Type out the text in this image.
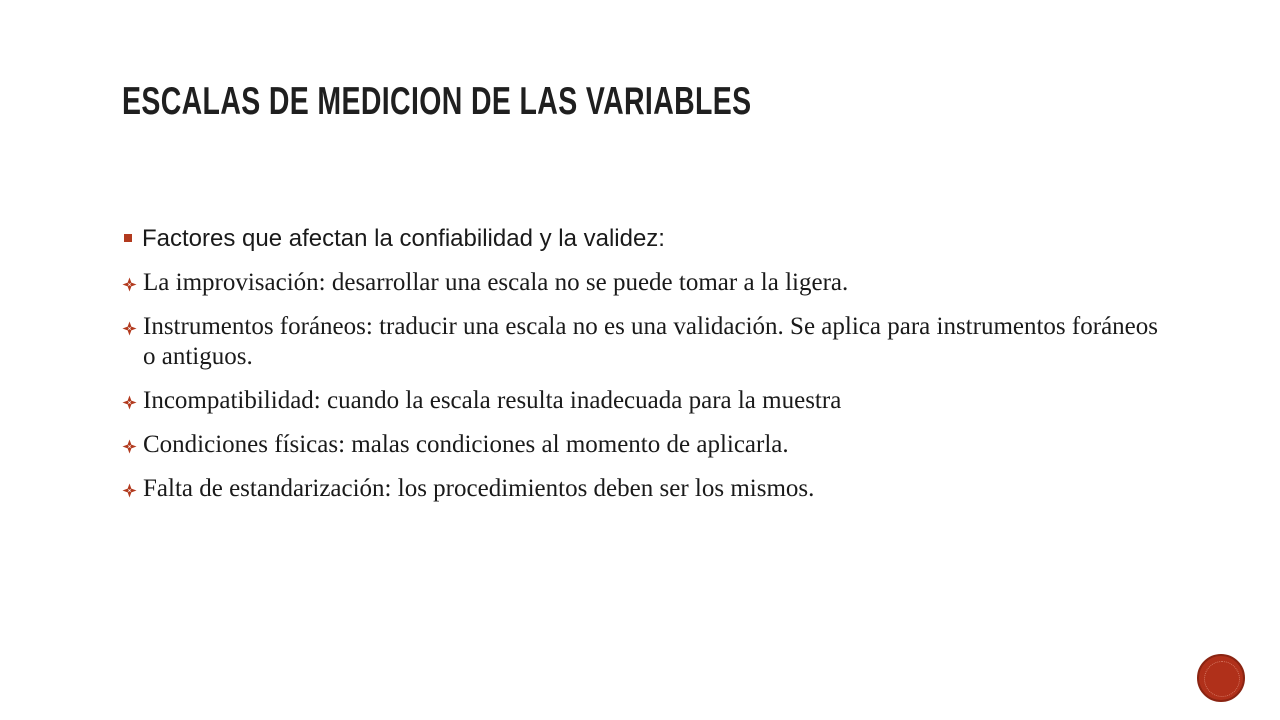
ESCALAS DE MEDICION DE LAS VARIABLES

Factores que afectan la confiabilidad y la validez:

La improvisación: desarrollar una escala no se puede tomar a la ligera.

Instrumentos foráneos: traducir una escala no es una validación. Se aplica para instrumentos foráneos o antiguos.

Incompatibilidad: cuando la escala resulta inadecuada para la muestra

Condiciones físicas: malas condiciones al momento de aplicarla.

Falta de estandarización: los procedimientos deben ser los mismos.
